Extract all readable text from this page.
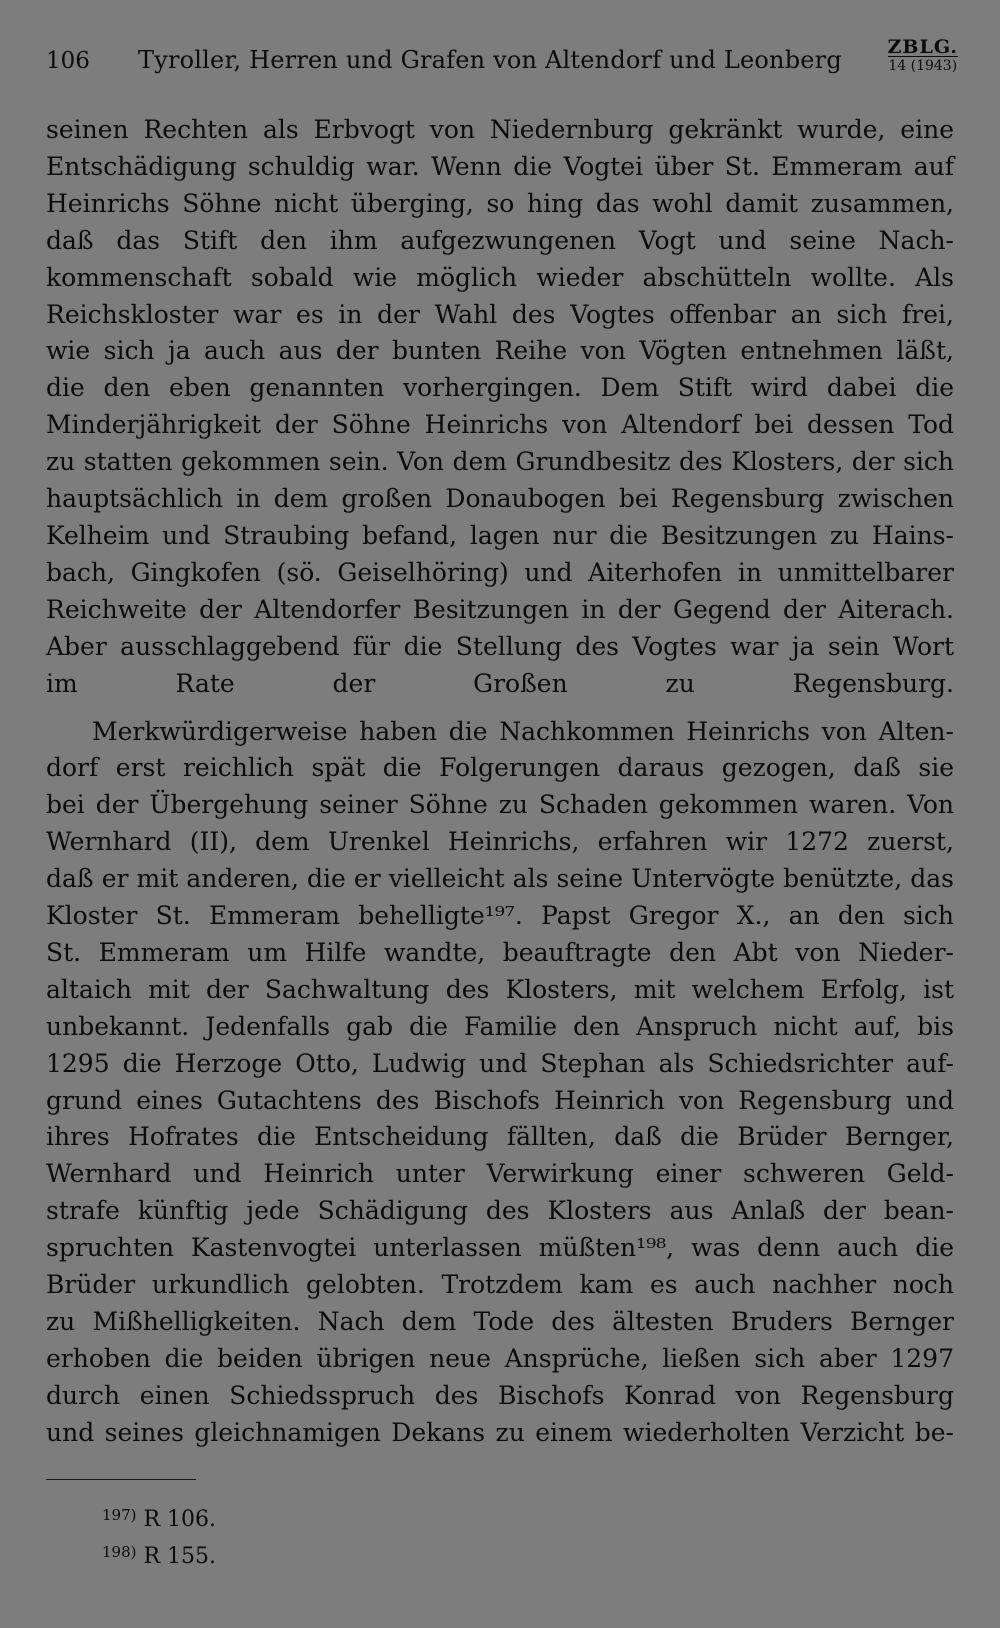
106 Tyroller, Herren und Grafen von Altendorf und Leonberg ZBLG.
14 (1943)

seinen Rechten als Erbvogt von Niedernburg gekränkt wurde, eine
Entschädigung schuldig war. Wenn die Vogtei über St. Emmeram auf
Heinrichs Söhne nicht überging, so hing das wohl damit zusammen,
daß das Stift den ihm aufgezwungenen Vogt und seine Nach-
kommenschaft sobald wie möglich wieder abschütteln wollte. Als
Reichskloster war es in der Wahl des Vogtes offenbar an sich frei,
wie sich ja auch aus der bunten Reihe von Vögten entnehmen läßt,
die den eben genannten vorhergingen. Dem Stift wird dabei die
Minderjährigkeit der Söhne Heinrichs von Altendorf bei dessen Tod
zu statten gekommen sein. Von dem Grundbesitz des Klosters, der sich
hauptsächlich in dem großen Donaubogen bei Regensburg zwischen
Kelheim und Straubing befand, lagen nur die Besitzungen zu Hains-
bach, Gingkofen (sö. Geiselhöring) und Aiterhofen in unmittelbarer
Reichweite der Altendorfer Besitzungen in der Gegend der Aiterach.
Aber ausschlaggebend für die Stellung des Vogtes war ja sein Wort
im Rate der Großen zu Regensburg.

Merkwürdigerweise haben die Nachkommen Heinrichs von Alten-
dorf erst reichlich spät die Folgerungen daraus gezogen, daß sie
bei der Übergehung seiner Söhne zu Schaden gekommen waren. Von
Wernhard (II), dem Urenkel Heinrichs, erfahren wir 1272 zuerst,
daß er mit anderen, die er vielleicht als seine Untervögte benützte, das
Kloster St. Emmeram behelligte¹⁹⁷. Papst Gregor X., an den sich
St. Emmeram um Hilfe wandte, beauftragte den Abt von Nieder-
altaich mit der Sachwaltung des Klosters, mit welchem Erfolg, ist
unbekannt. Jedenfalls gab die Familie den Anspruch nicht auf, bis
1295 die Herzoge Otto, Ludwig und Stephan als Schiedsrichter auf-
grund eines Gutachtens des Bischofs Heinrich von Regensburg und
ihres Hofrates die Entscheidung fällten, daß die Brüder Bernger,
Wernhard und Heinrich unter Verwirkung einer schweren Geld-
strafe künftig jede Schädigung des Klosters aus Anlaß der bean-
spruchten Kastenvogtei unterlassen müßten¹⁹⁸, was denn auch die
Brüder urkundlich gelobten. Trotzdem kam es auch nachher noch
zu Mißhelligkeiten. Nach dem Tode des ältesten Bruders Bernger
erhoben die beiden übrigen neue Ansprüche, ließen sich aber 1297
durch einen Schiedsspruch des Bischofs Konrad von Regensburg
und seines gleichnamigen Dekans zu einem wiederholten Verzicht be-

$^{197)}$ R 106.
$^{198)}$ R 155.
